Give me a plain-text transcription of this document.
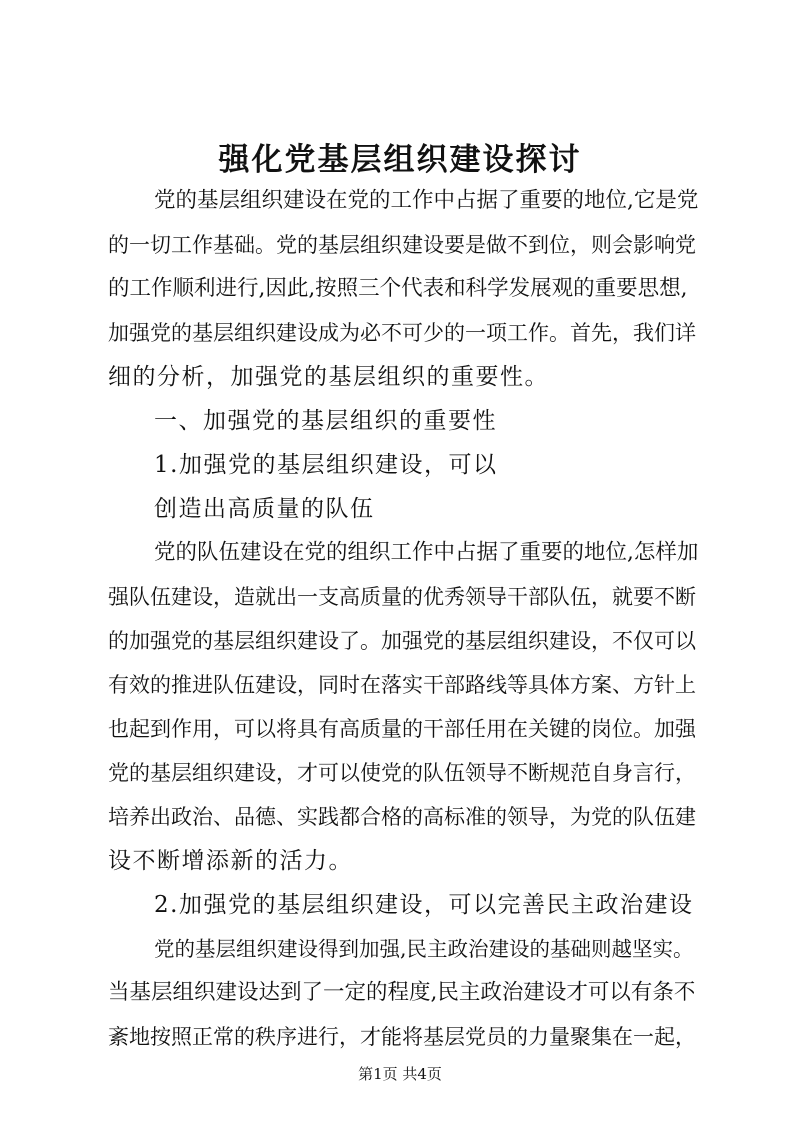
强化党基层组织建设探讨
党的基层组织建设在党的工作中占据了重要的地位,它是党
的一切工作基础。党的基层组织建设要是做不到位，则会影响党
的工作顺利进行,因此,按照三个代表和科学发展观的重要思想,
加强党的基层组织建设成为必不可少的一项工作。首先，我们详
细的分析，加强党的基层组织的重要性。
一、加强党的基层组织的重要性
1.加强党的基层组织建设，可以
创造出高质量的队伍
党的队伍建设在党的组织工作中占据了重要的地位,怎样加
强队伍建设，造就出一支高质量的优秀领导干部队伍，就要不断
的加强党的基层组织建设了。加强党的基层组织建设，不仅可以
有效的推进队伍建设，同时在落实干部路线等具体方案、方针上
也起到作用，可以将具有高质量的干部任用在关键的岗位。加强
党的基层组织建设，才可以使党的队伍领导不断规范自身言行，
培养出政治、品德、实践都合格的高标准的领导，为党的队伍建
设不断增添新的活力。
2.加强党的基层组织建设，可以完善民主政治建设
党的基层组织建设得到加强,民主政治建设的基础则越坚实。
当基层组织建设达到了一定的程度,民主政治建设才可以有条不
紊地按照正常的秩序进行，才能将基层党员的力量聚集在一起，
第1页 共4页
